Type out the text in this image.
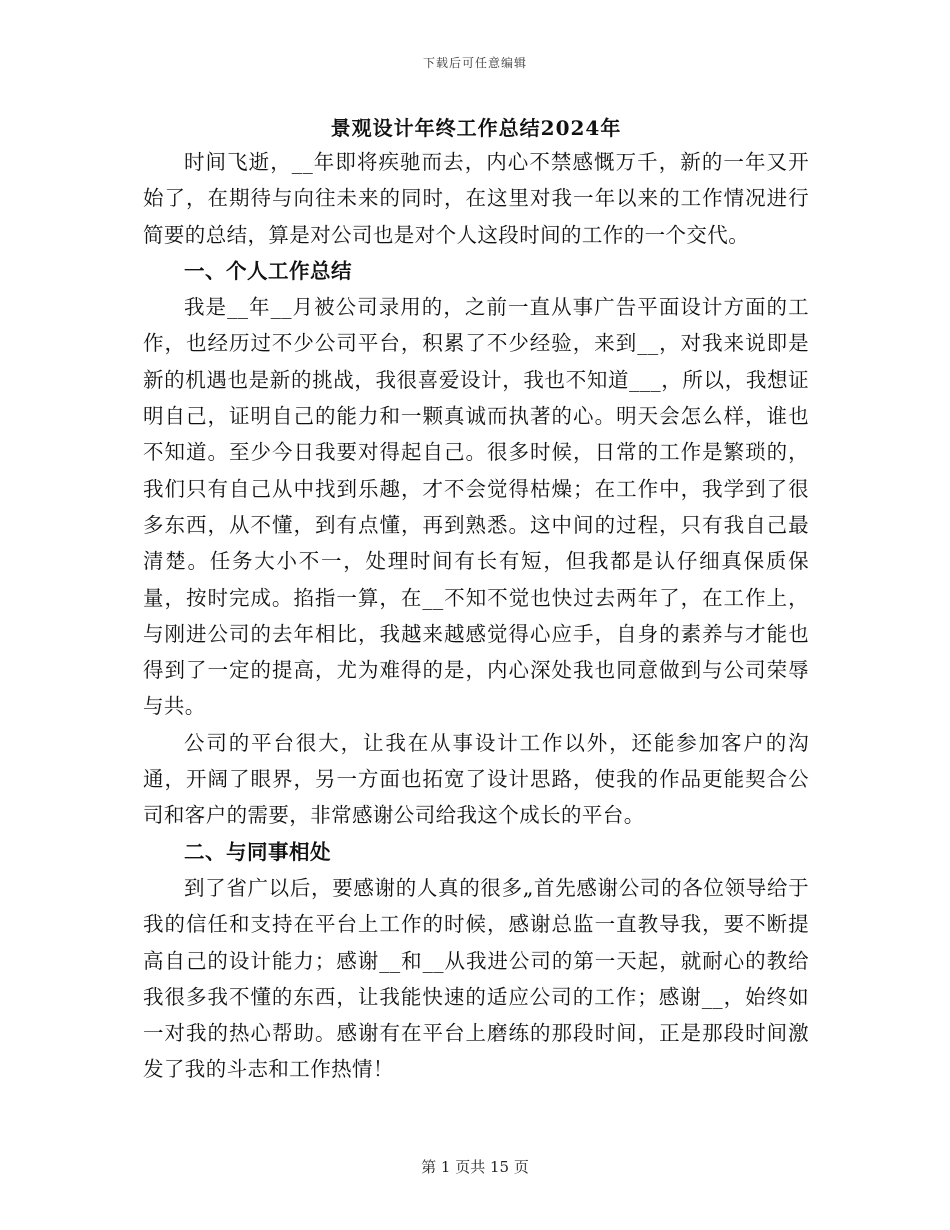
下载后可任意编辑
景观设计年终工作总结2024年

时间飞逝，__年即将疾驰而去，内心不禁感慨万千，新的一年又开始了，在期待与向往未来的同时，在这里对我一年以来的工作情况进行简要的总结，算是对公司也是对个人这段时间的工作的一个交代。

一、个人工作总结

我是__年__月被公司录用的，之前一直从事广告平面设计方面的工作，也经历过不少公司平台，积累了不少经验，来到__，对我来说即是新的机遇也是新的挑战，我很喜爱设计，我也不知道___，所以，我想证明自己，证明自己的能力和一颗真诚而执著的心。明天会怎么样，谁也不知道。至少今日我要对得起自己。很多时候，日常的工作是繁琐的，我们只有自己从中找到乐趣，才不会觉得枯燥；在工作中，我学到了很多东西，从不懂，到有点懂，再到熟悉。这中间的过程，只有我自己最清楚。任务大小不一，处理时间有长有短，但我都是认仔细真保质保量，按时完成。掐指一算，在__不知不觉也快过去两年了，在工作上，与刚进公司的去年相比，我越来越感觉得心应手，自身的素养与才能也得到了一定的提高，尤为难得的是，内心深处我也同意做到与公司荣辱与共。

公司的平台很大，让我在从事设计工作以外，还能参加客户的沟通，开阔了眼界，另一方面也拓宽了设计思路，使我的作品更能契合公司和客户的需要，非常感谢公司给我这个成长的平台。

二、与同事相处

到了省广以后，要感谢的人真的很多„首先感谢公司的各位领导给于我的信任和支持在平台上工作的时候，感谢总监一直教导我，要不断提高自己的设计能力；感谢__和__从我进公司的第一天起，就耐心的教给我很多我不懂的东西，让我能快速的适应公司的工作；感谢__，始终如一对我的热心帮助。感谢有在平台上磨练的那段时间，正是那段时间激发了我的斗志和工作热情！

第 1 页共 15 页
